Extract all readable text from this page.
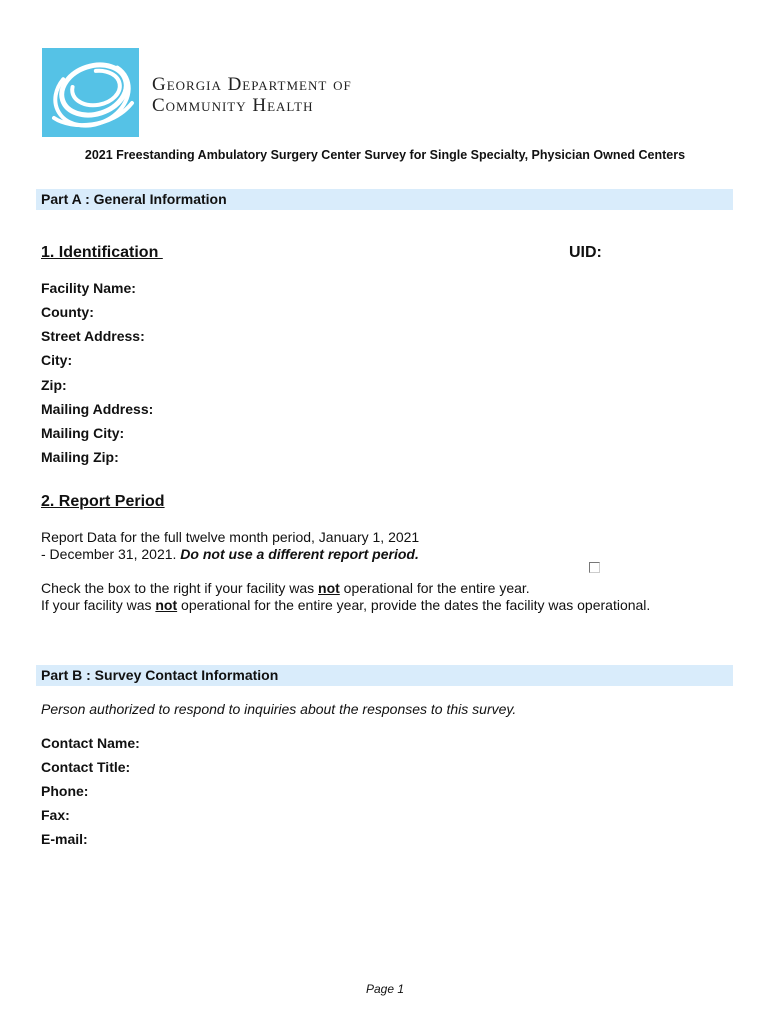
Georgia Department of
Community Health
2021 Freestanding Ambulatory Surgery Center Survey for Single Specialty, Physician Owned Centers
Part A : General Information
1. Identification	UID:
Facility Name:
County:
Street Address:
City:
Zip:
Mailing Address:
Mailing City:
Mailing Zip:
2. Report Period
Report Data for the full twelve month period, January 1, 2021
- December 31, 2021. Do not use a different report period.
Check the box to the right if your facility was not operational for the entire year.
If your facility was not operational for the entire year, provide the dates the facility was operational.
Part B : Survey Contact Information
Person authorized to respond to inquiries about the responses to this survey.
Contact Name:
Contact Title:
Phone:
Fax:
E-mail:
Page 1
